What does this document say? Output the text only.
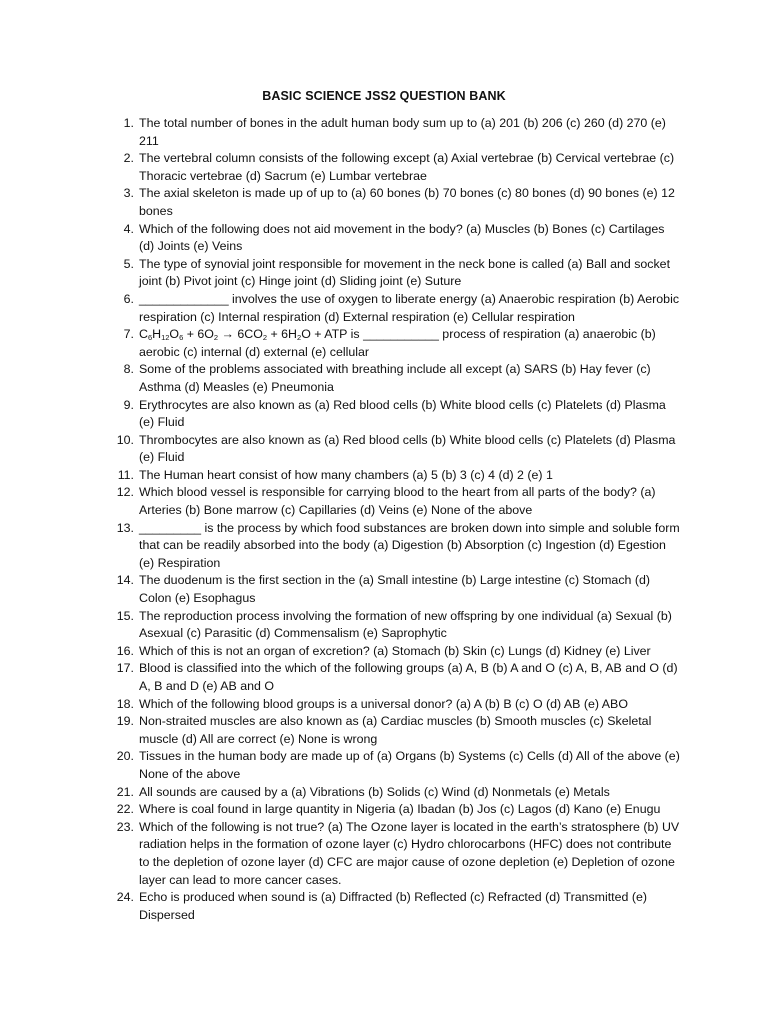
BASIC SCIENCE JSS2 QUESTION BANK
1. The total number of bones in the adult human body sum up to (a) 201 (b) 206 (c) 260 (d) 270 (e) 211
2. The vertebral column consists of the following except (a) Axial vertebrae (b) Cervical vertebrae (c) Thoracic vertebrae (d) Sacrum (e) Lumbar vertebrae
3. The axial skeleton is made up of up to (a) 60 bones (b) 70 bones (c) 80 bones (d) 90 bones (e) 12 bones
4. Which of the following does not aid movement in the body? (a) Muscles (b) Bones (c) Cartilages (d) Joints (e) Veins
5. The type of synovial joint responsible for movement in the neck bone is called (a) Ball and socket joint (b) Pivot joint (c) Hinge joint (d) Sliding joint (e) Suture
6. _____________ involves the use of oxygen to liberate energy (a) Anaerobic respiration (b) Aerobic respiration (c) Internal respiration (d) External respiration (e) Cellular respiration
7. $C_6H_{12}O_6 + 6O_2 \to 6CO_2 + 6H_2O$ + ATP is ___________ process of respiration (a) anaerobic (b) aerobic (c) internal (d) external (e) cellular
8. Some of the problems associated with breathing include all except (a) SARS (b) Hay fever (c) Asthma (d) Measles (e) Pneumonia
9. Erythrocytes are also known as (a) Red blood cells (b) White blood cells (c) Platelets (d) Plasma (e) Fluid
10. Thrombocytes are also known as (a) Red blood cells (b) White blood cells (c) Platelets (d) Plasma (e) Fluid
11. The Human heart consist of how many chambers (a) 5 (b) 3 (c) 4 (d) 2 (e) 1
12. Which blood vessel is responsible for carrying blood to the heart from all parts of the body? (a) Arteries (b) Bone marrow (c) Capillaries (d) Veins (e) None of the above
13. _________ is the process by which food substances are broken down into simple and soluble form that can be readily absorbed into the body (a) Digestion (b) Absorption (c) Ingestion (d) Egestion (e) Respiration
14. The duodenum is the first section in the (a) Small intestine (b) Large intestine (c) Stomach (d) Colon (e) Esophagus
15. The reproduction process involving the formation of new offspring by one individual (a) Sexual (b) Asexual (c) Parasitic (d) Commensalism (e) Saprophytic
16. Which of this is not an organ of excretion? (a) Stomach (b) Skin (c) Lungs (d) Kidney (e) Liver
17. Blood is classified into the which of the following groups (a) A, B (b) A and O (c) A, B, AB and O (d) A, B and D (e) AB and O
18. Which of the following blood groups is a universal donor? (a) A (b) B (c) O (d) AB (e) ABO
19. Non-straited muscles are also known as (a) Cardiac muscles (b) Smooth muscles (c) Skeletal muscle (d) All are correct (e) None is wrong
20. Tissues in the human body are made up of (a) Organs (b) Systems (c) Cells (d) All of the above (e) None of the above
21. All sounds are caused by a (a) Vibrations (b) Solids (c) Wind (d) Nonmetals (e) Metals
22. Where is coal found in large quantity in Nigeria (a) Ibadan (b) Jos (c) Lagos (d) Kano (e) Enugu
23. Which of the following is not true? (a) The Ozone layer is located in the earth’s stratosphere (b) UV radiation helps in the formation of ozone layer (c) Hydro chlorocarbons (HFC) does not contribute to the depletion of ozone layer (d) CFC are major cause of ozone depletion (e) Depletion of ozone layer can lead to more cancer cases.
24. Echo is produced when sound is (a) Diffracted (b) Reflected (c) Refracted (d) Transmitted (e) Dispersed
